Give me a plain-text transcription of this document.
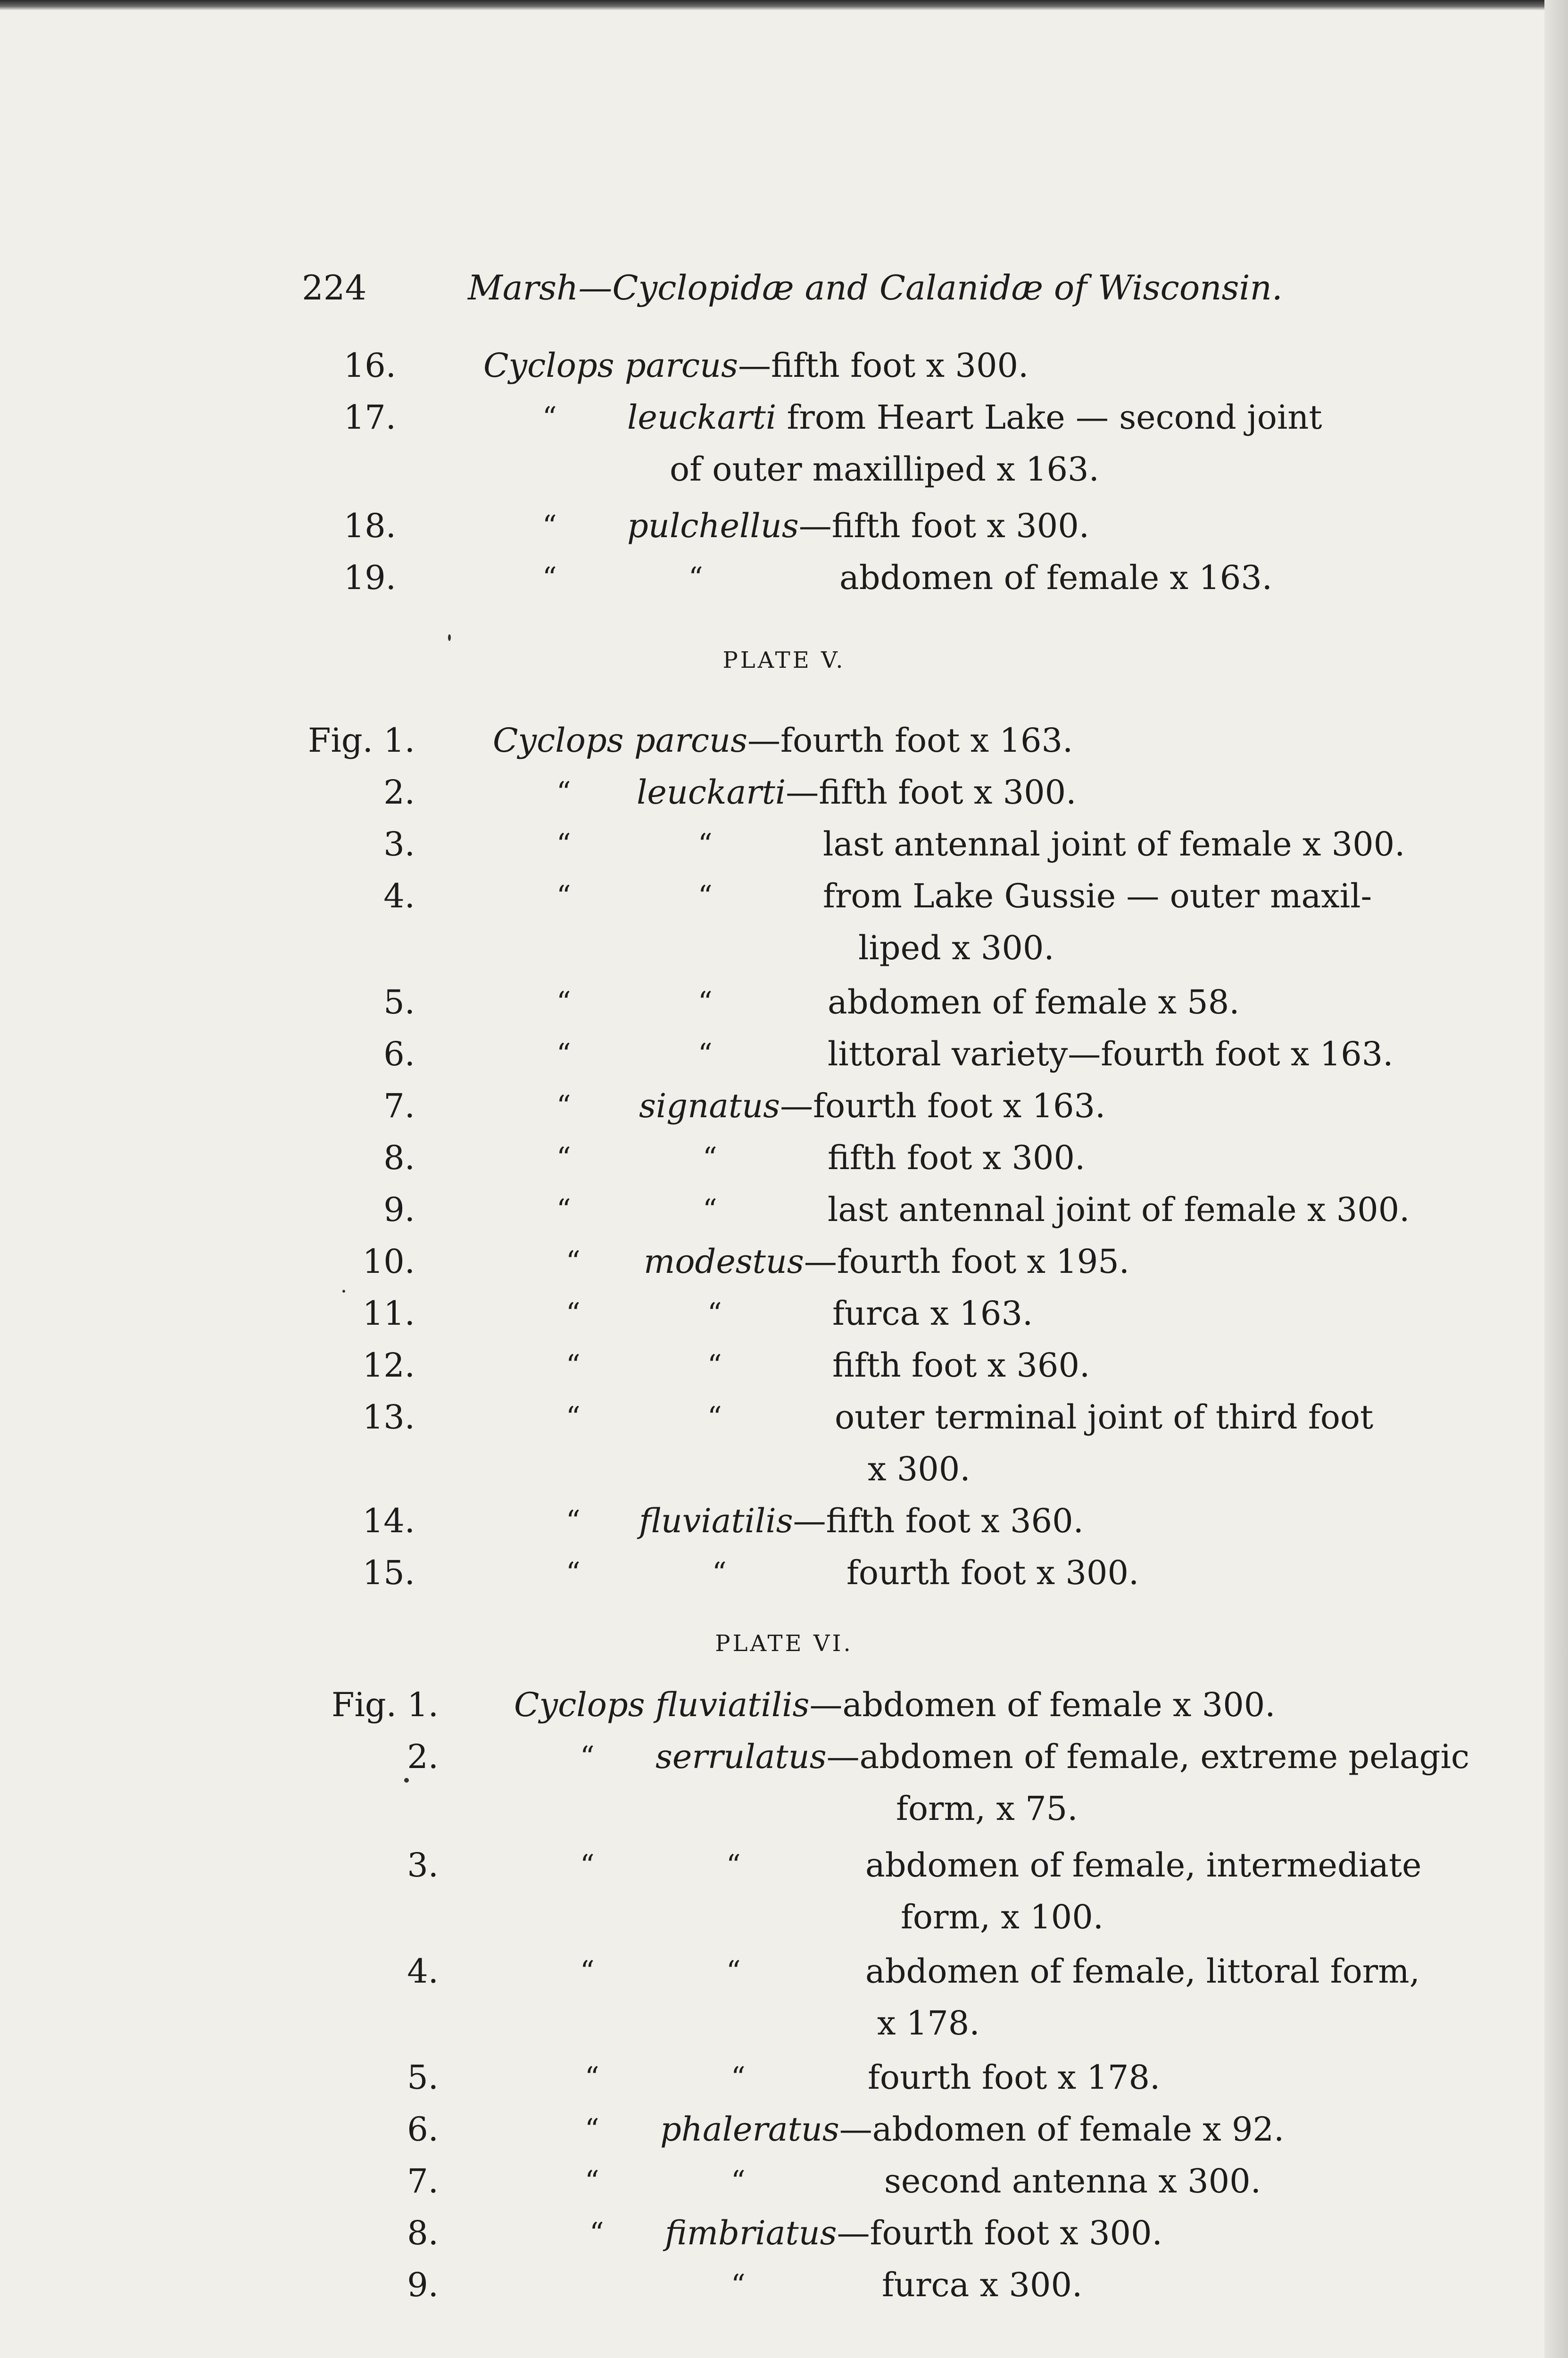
224	Marsh—Cyclopidæ and Calanidæ of Wisconsin.
16.	Cyclops parcus—fifth foot x 300.
17.	“ leuckarti from Heart Lake — second joint
of outer maxilliped x 163.
18.	“ pulchellus—fifth foot x 300.
19.	“	“	abdomen of female x 163.
PLATE V.
Fig. 1. Cyclops parcus—fourth foot x 163.
2.	“ leuckarti—fifth foot x 300.
3.	“	“	last antennal joint of female x 300.
4.	“	“	from Lake Gussie — outer maxil-
liped x 300.
5.	“	“	abdomen of female x 58.
6.	“	“	littoral variety—fourth foot x 163.
7.	“ signatus—fourth foot x 163.
8.	“	“	fifth foot x 300.
9.	“	“	last antennal joint of female x 300.
10.	“ modestus—fourth foot x 195.
11.	“	“	furca x 163.
12.	“	“	fifth foot x 360.
13.	“	“	outer terminal joint of third foot
x 300.
14.	“ fluviatilis—fifth foot x 360.
15.	“	“	fourth foot x 300.
PLATE VI.
Fig. 1. Cyclops fluviatilis—abdomen of female x 300.
2.	“ serrulatus—abdomen of female, extreme pelagic
form, x 75.
3.	“	“	abdomen of female, intermediate
form, x 100.
4.	“	“	abdomen of female, littoral form,
x 178.
5.	“	“	fourth foot x 178.
6.	“ phaleratus—abdomen of female x 92.
7.	“	“	second antenna x 300.
8.	“ fimbriatus—fourth foot x 300.
9.	“	furca x 300.
